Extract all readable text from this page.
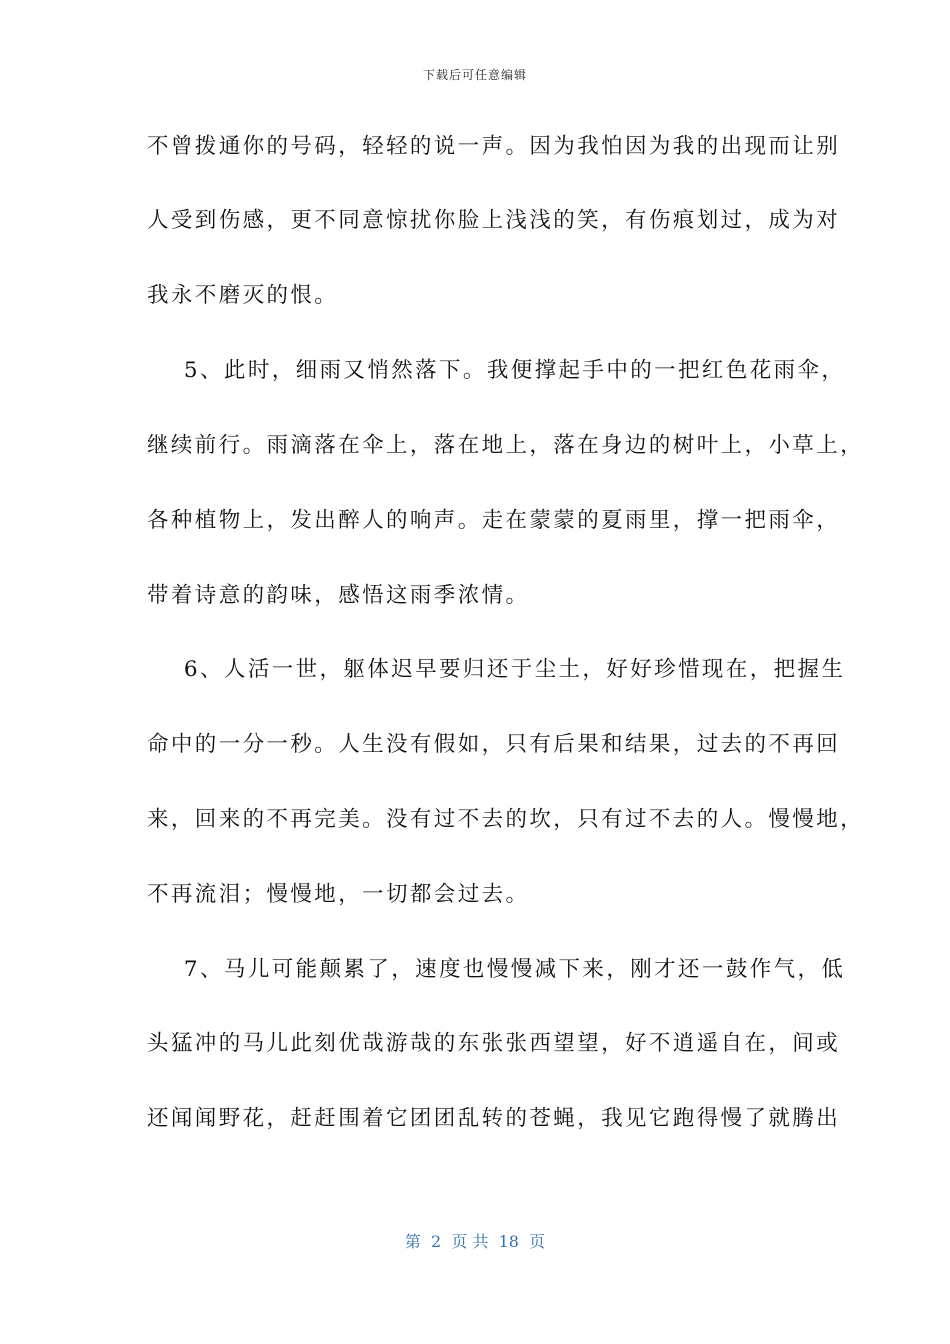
下载后可任意编辑
不曾拨通你的号码，轻轻的说一声。因为我怕因为我的出现而让别
人受到伤感，更不同意惊扰你脸上浅浅的笑，有伤痕划过，成为对
我永不磨灭的恨。
5、此时，细雨又悄然落下。我便撑起手中的一把红色花雨伞，
继续前行。雨滴落在伞上，落在地上，落在身边的树叶上，小草上，
各种植物上，发出醉人的响声。走在蒙蒙的夏雨里，撑一把雨伞，
带着诗意的韵味，感悟这雨季浓情。
6、人活一世，躯体迟早要归还于尘土，好好珍惜现在，把握生
命中的一分一秒。人生没有假如，只有后果和结果，过去的不再回
来，回来的不再完美。没有过不去的坎，只有过不去的人。慢慢地，
不再流泪；慢慢地，一切都会过去。
7、马儿可能颠累了，速度也慢慢减下来，刚才还一鼓作气，低
头猛冲的马儿此刻优哉游哉的东张张西望望，好不逍遥自在，间或
还闻闻野花，赶赶围着它团团乱转的苍蝇，我见它跑得慢了就腾出
第  2  页 共  18  页
